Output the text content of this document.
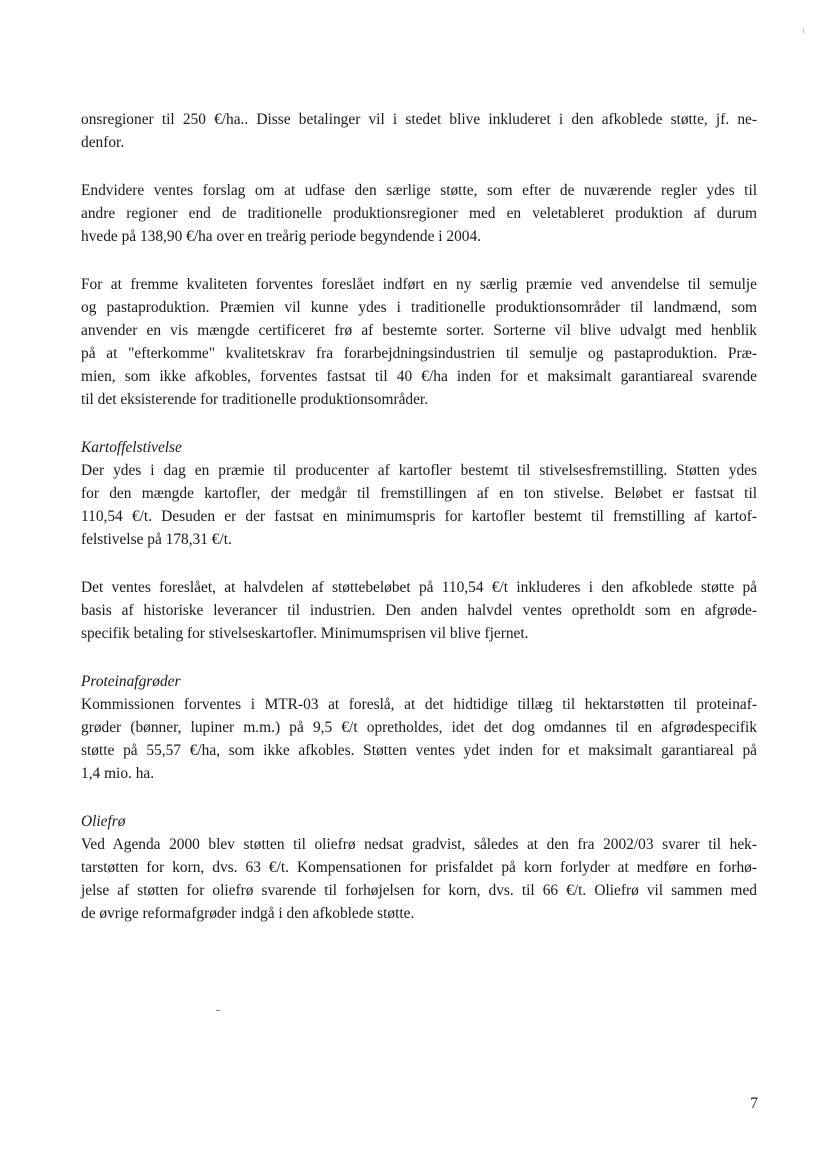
onsregioner til 250 €/ha.. Disse betalinger vil i stedet blive inkluderet i den afkoblede støtte, jf. ne-
denfor.

Endvidere ventes forslag om at udfase den særlige støtte, som efter de nuværende regler ydes til
andre regioner end de traditionelle produktionsregioner med en veletableret produktion af durum
hvede på 138,90 €/ha over en treårig periode begyndende i 2004.

For at fremme kvaliteten forventes foreslået indført en ny særlig præmie ved anvendelse til semulje
og pastaproduktion. Præmien vil kunne ydes i traditionelle produktionsområder til landmænd, som
anvender en vis mængde certificeret frø af bestemte sorter. Sorterne vil blive udvalgt med henblik
på at "efterkomme" kvalitetskrav fra forarbejdningsindustrien til semulje og pastaproduktion. Præ-
mien, som ikke afkobles, forventes fastsat til 40 €/ha inden for et maksimalt garantiareal svarende
til det eksisterende for traditionelle produktionsområder.

Kartoffelstivelse
Der ydes i dag en præmie til producenter af kartofler bestemt til stivelsesfremstilling. Støtten ydes
for den mængde kartofler, der medgår til fremstillingen af en ton stivelse. Beløbet er fastsat til
110,54 €/t. Desuden er der fastsat en minimumspris for kartofler bestemt til fremstilling af kartof-
felstivelse på 178,31 €/t.

Det ventes foreslået, at halvdelen af støttebeløbet på 110,54 €/t inkluderes i den afkoblede støtte på
basis af historiske leverancer til industrien. Den anden halvdel ventes opretholdt som en afgrøde-
specifik betaling for stivelseskartofler. Minimumsprisen vil blive fjernet.

Proteinafgrøder
Kommissionen forventes i MTR-03 at foreslå, at det hidtidige tillæg til hektarstøtten til proteinaf-
grøder (bønner, lupiner m.m.) på 9,5 €/t opretholdes, idet det dog omdannes til en afgrødespecifik
støtte på 55,57 €/ha, som ikke afkobles. Støtten ventes ydet inden for et maksimalt garantiareal på
1,4 mio. ha.

Oliefrø
Ved Agenda 2000 blev støtten til oliefrø nedsat gradvist, således at den fra 2002/03 svarer til hek-
tarstøtten for korn, dvs. 63 €/t. Kompensationen for prisfaldet på korn forlyder at medføre en forhø-
jelse af støtten for oliefrø svarende til forhøjelsen for korn, dvs. til 66 €/t. Oliefrø vil sammen med
de øvrige reformafgrøder indgå i den afkoblede støtte.

7
